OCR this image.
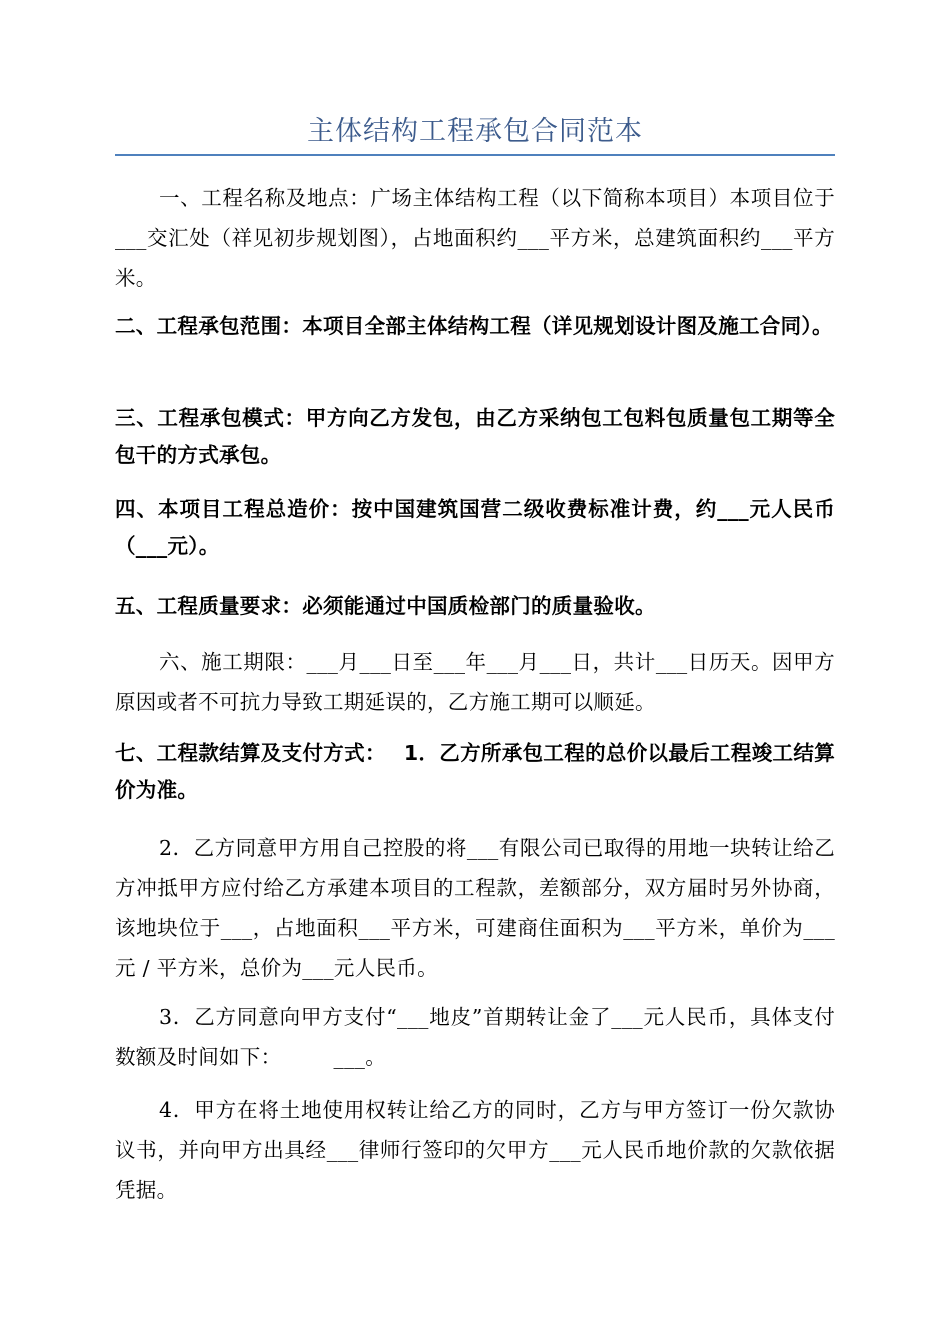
主体结构工程承包合同范本

一、工程名称及地点：广场主体结构工程（以下简称本项目）本项目位于___交汇处（祥见初步规划图），占地面积约___平方米，总建筑面积约___平方米。

二、工程承包范围：本项目全部主体结构工程（详见规划设计图及施工合同）。

三、工程承包模式：甲方向乙方发包，由乙方采纳包工包料包质量包工期等全包干的方式承包。

四、本项目工程总造价：按中国建筑国营二级收费标准计费，约___元人民币（___元）。

五、工程质量要求：必须能通过中国质检部门的质量验收。

六、施工期限：___月___日至___年___月___日，共计___日历天。因甲方原因或者不可抗力导致工期延误的，乙方施工期可以顺延。

七、工程款结算及支付方式：　 1．乙方所承包工程的总价以最后工程竣工结算价为准。

2．乙方同意甲方用自己控股的将___有限公司已取得的用地一块转让给乙方冲抵甲方应付给乙方承建本项目的工程款，差额部分，双方届时另外协商，该地块位于___，占地面积___平方米，可建商住面积为___平方米，单价为___元 / 平方米，总价为___元人民币。

3．乙方同意向甲方支付“___地皮”首期转让金了___元人民币，具体支付数额及时间如下：　　　___。

4．甲方在将土地使用权转让给乙方的同时，乙方与甲方签订一份欠款协议书，并向甲方出具经___律师行签印的欠甲方___元人民币地价款的欠款依据凭据。
